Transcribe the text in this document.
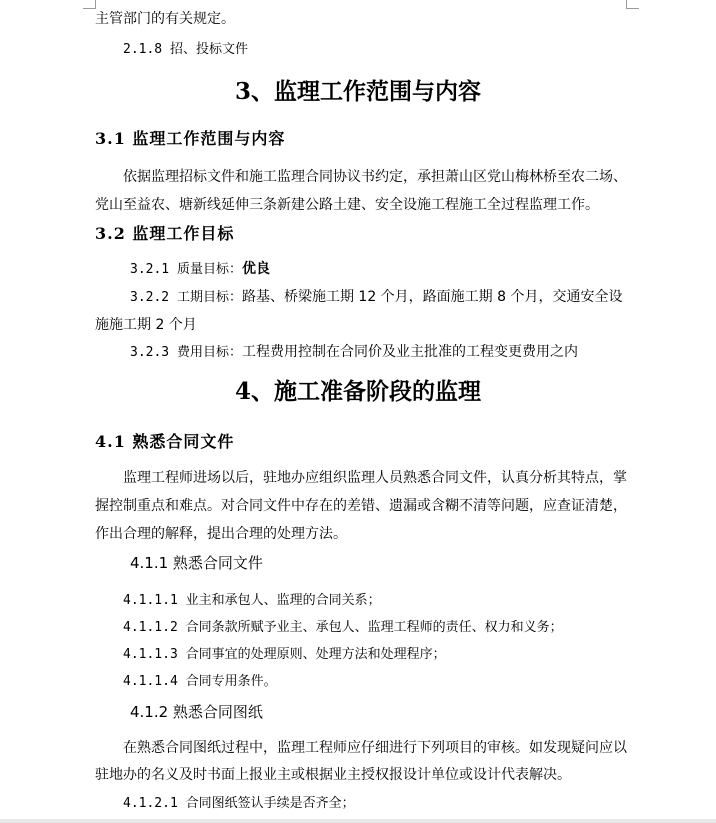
主管部门的有关规定。
2.1.8 招、投标文件
3、监理工作范围与内容
3.1 监理工作范围与内容
依据监理招标文件和施工监理合同协议书约定，承担萧山区党山梅林桥至农二场、
党山至益农、塘新线延伸三条新建公路土建、安全设施工程施工全过程监理工作。
3.2 监理工作目标
3.2.1 质量目标：优良
3.2.2 工期目标：路基、桥梁施工期 12 个月，路面施工期 8 个月，交通安全设
施施工期 2 个月
3.2.3 费用目标：工程费用控制在合同价及业主批准的工程变更费用之内
4、施工准备阶段的监理
4.1 熟悉合同文件
监理工程师进场以后，驻地办应组织监理人员熟悉合同文件，认真分析其特点，掌
握控制重点和难点。对合同文件中存在的差错、遗漏或含糊不清等问题，应查证清楚，
作出合理的解释，提出合理的处理方法。
4.1.1 熟悉合同文件
4.1.1.1 业主和承包人、监理的合同关系；
4.1.1.2 合同条款所赋予业主、承包人、监理工程师的责任、权力和义务；
4.1.1.3 合同事宜的处理原则、处理方法和处理程序；
4.1.1.4 合同专用条件。
4.1.2 熟悉合同图纸
在熟悉合同图纸过程中，监理工程师应仔细进行下列项目的审核。如发现疑问应以
驻地办的名义及时书面上报业主或根据业主授权报设计单位或设计代表解决。
4.1.2.1 合同图纸签认手续是否齐全；
